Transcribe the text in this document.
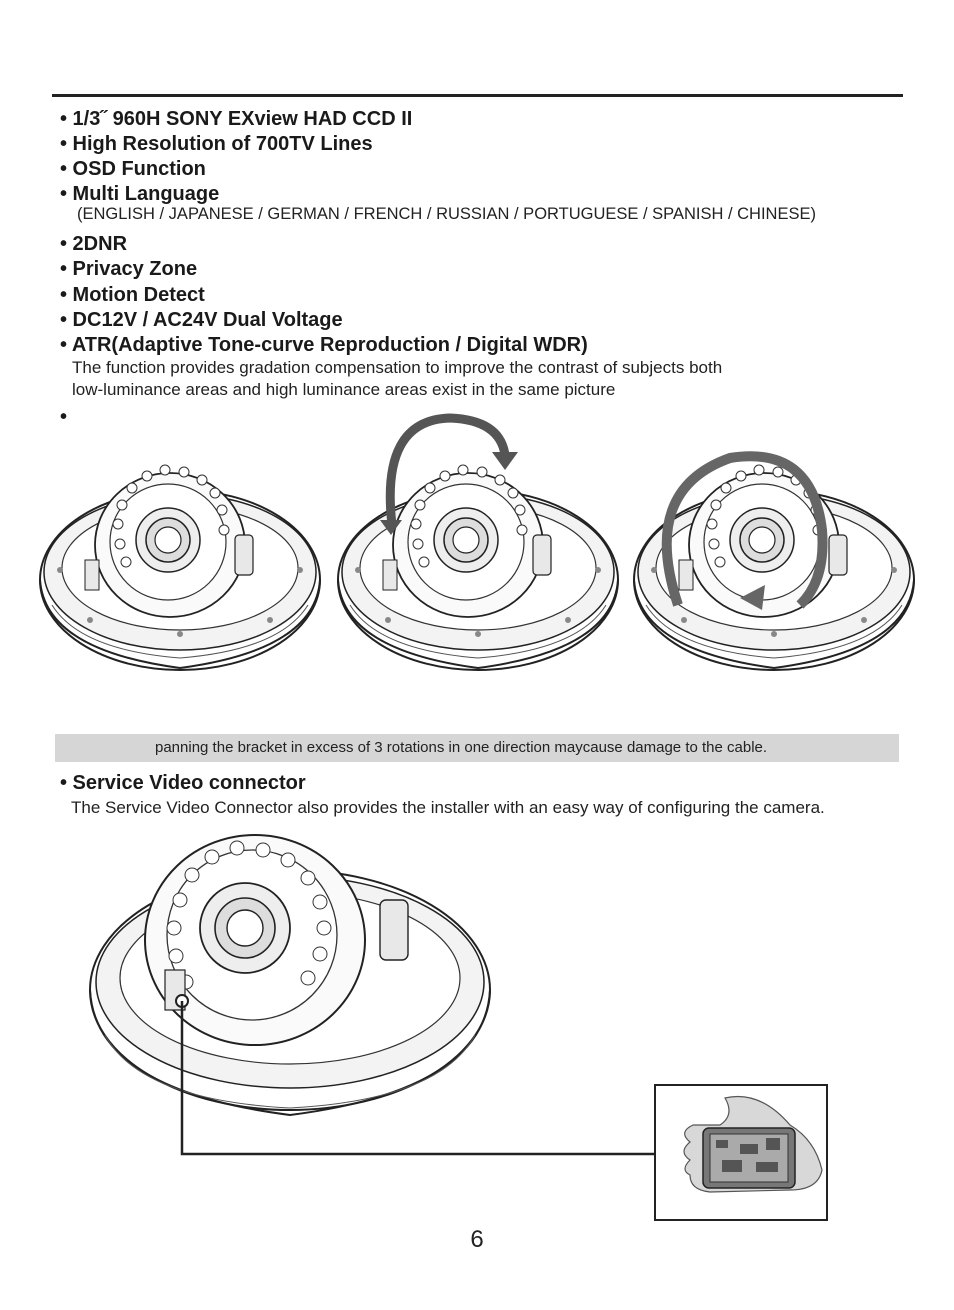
• 1/3˝ 960H SONY EXview HAD CCD II
• High Resolution of 700TV Lines
• OSD Function
• Multi Language
(ENGLISH / JAPANESE / GERMAN / FRENCH / RUSSIAN / PORTUGUESE / SPANISH / CHINESE)
• 2DNR
• Privacy Zone
• Motion Detect
• DC12V / AC24V Dual Voltage
• ATR(Adaptive Tone-curve Reproduction / Digital WDR)
The function provides gradation compensation to improve the contrast of subjects both
low-luminance areas and high luminance areas exist in the same picture
•
panning the bracket in excess of 3 rotations in one direction maycause damage to the cable.
• Service Video connector
The Service Video Connector also provides the installer with an easy way of configuring the camera.
6
